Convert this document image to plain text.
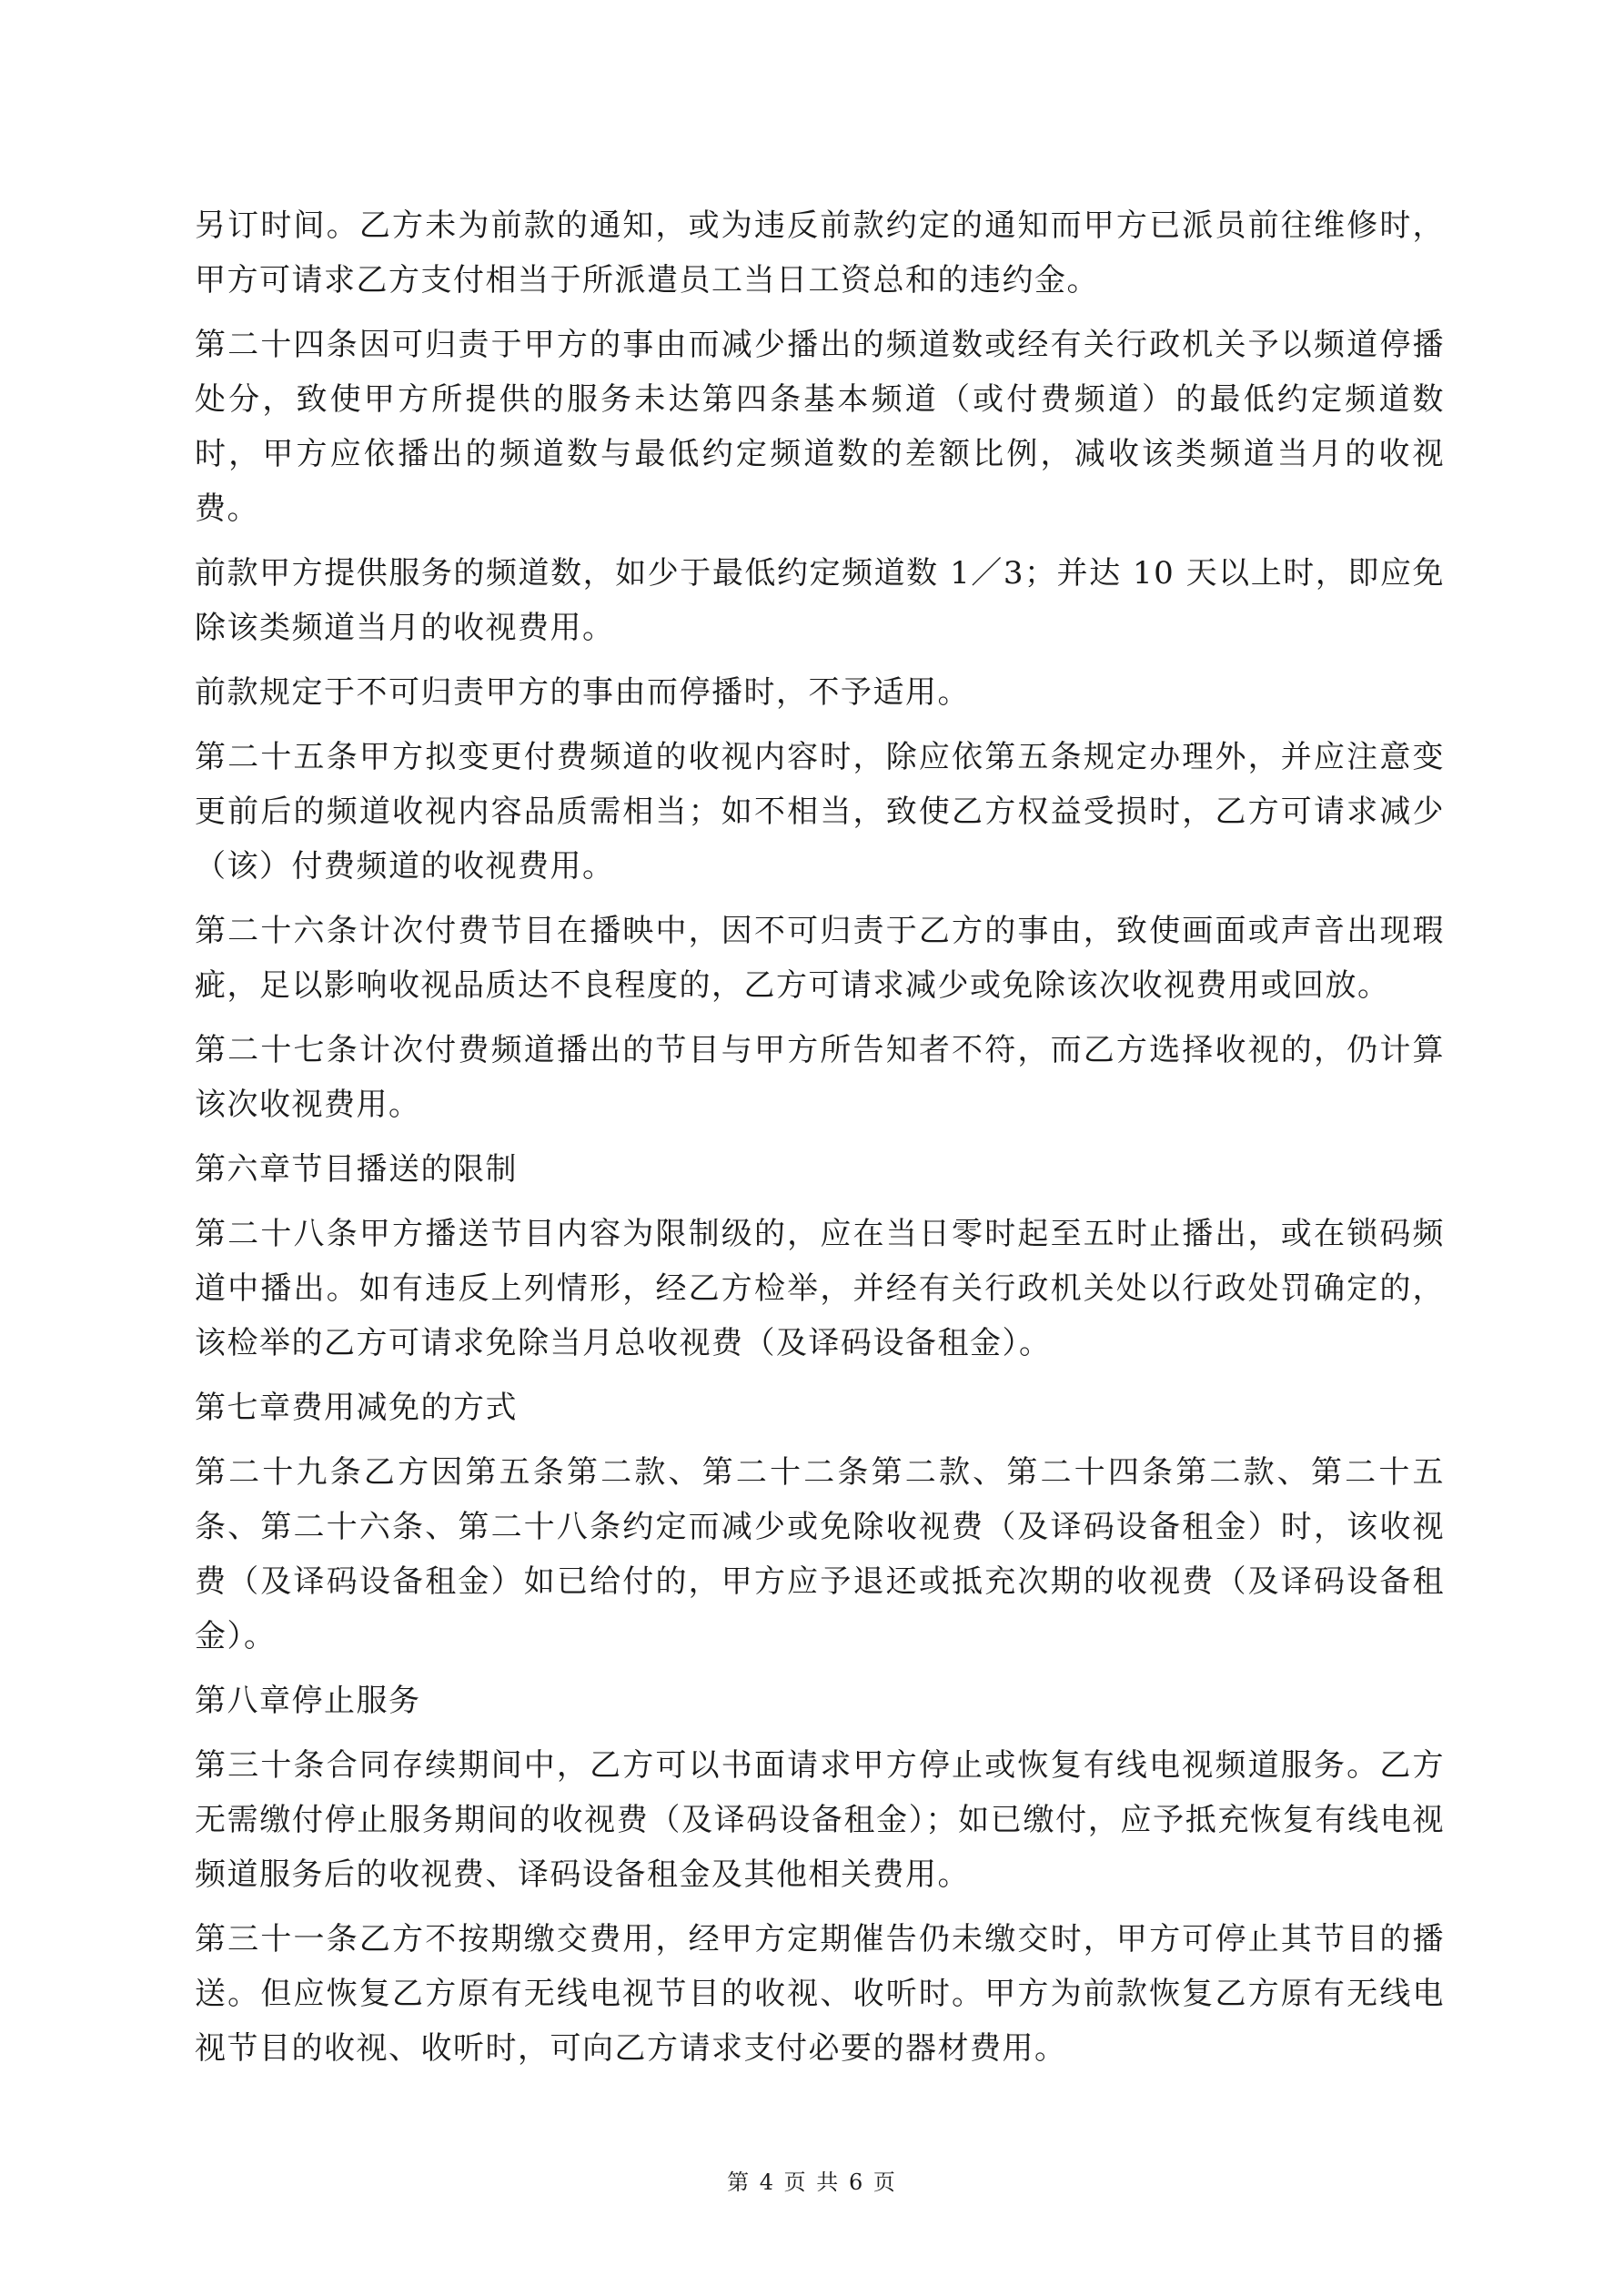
另订时间。乙方未为前款的通知，或为违反前款约定的通知而甲方已派员前往维修时，甲方可请求乙方支付相当于所派遣员工当日工资总和的违约金。

第二十四条因可归责于甲方的事由而减少播出的频道数或经有关行政机关予以频道停播处分，致使甲方所提供的服务未达第四条基本频道（或付费频道）的最低约定频道数时，甲方应依播出的频道数与最低约定频道数的差额比例，减收该类频道当月的收视费。

前款甲方提供服务的频道数，如少于最低约定频道数 1／3；并达 10 天以上时，即应免除该类频道当月的收视费用。

前款规定于不可归责甲方的事由而停播时，不予适用。

第二十五条甲方拟变更付费频道的收视内容时，除应依第五条规定办理外，并应注意变更前后的频道收视内容品质需相当；如不相当，致使乙方权益受损时，乙方可请求减少（该）付费频道的收视费用。

第二十六条计次付费节目在播映中，因不可归责于乙方的事由，致使画面或声音出现瑕疵，足以影响收视品质达不良程度的，乙方可请求减少或免除该次收视费用或回放。

第二十七条计次付费频道播出的节目与甲方所告知者不符，而乙方选择收视的，仍计算该次收视费用。

第六章节目播送的限制

第二十八条甲方播送节目内容为限制级的，应在当日零时起至五时止播出，或在锁码频道中播出。如有违反上列情形，经乙方检举，并经有关行政机关处以行政处罚确定的，该检举的乙方可请求免除当月总收视费（及译码设备租金）。

第七章费用减免的方式

第二十九条乙方因第五条第二款、第二十二条第二款、第二十四条第二款、第二十五条、第二十六条、第二十八条约定而减少或免除收视费（及译码设备租金）时，该收视费（及译码设备租金）如已给付的，甲方应予退还或抵充次期的收视费（及译码设备租金）。

第八章停止服务

第三十条合同存续期间中，乙方可以书面请求甲方停止或恢复有线电视频道服务。乙方无需缴付停止服务期间的收视费（及译码设备租金）；如已缴付，应予抵充恢复有线电视频道服务后的收视费、译码设备租金及其他相关费用。

第三十一条乙方不按期缴交费用，经甲方定期催告仍未缴交时，甲方可停止其节目的播送。但应恢复乙方原有无线电视节目的收视、收听时。甲方为前款恢复乙方原有无线电视节目的收视、收听时，可向乙方请求支付必要的器材费用。

第 4 页 共 6 页
